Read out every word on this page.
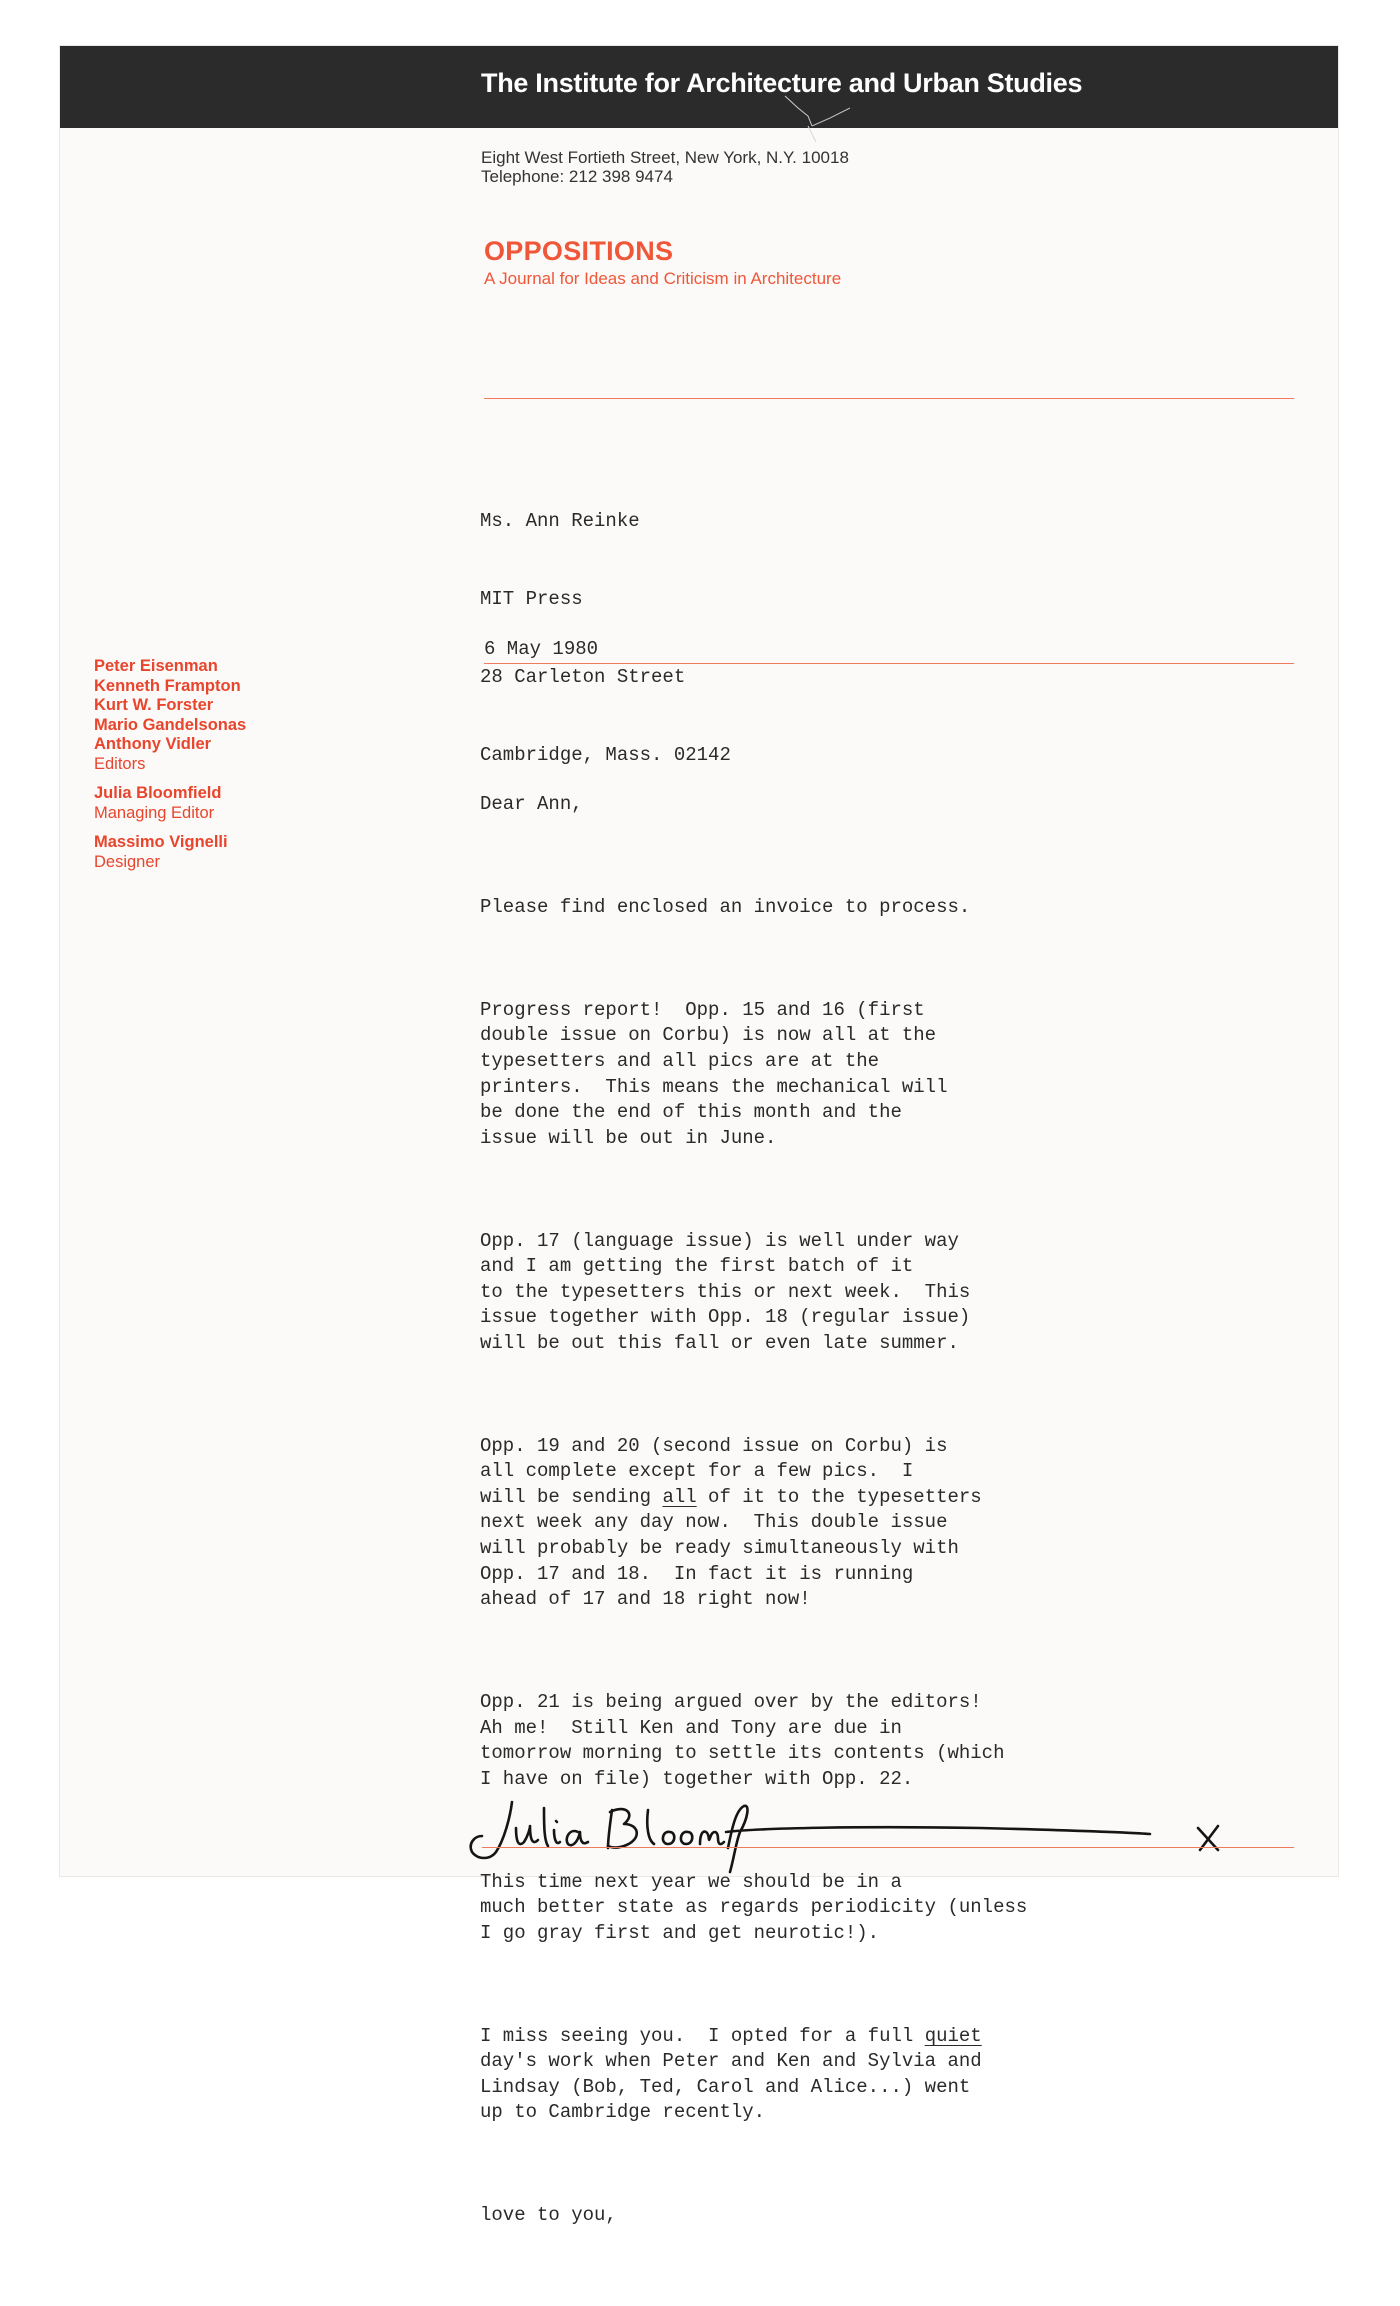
The Institute for Architecture and Urban Studies
Eight West Fortieth Street, New York, N.Y. 10018
Telephone: 212 398 9474
OPPOSITIONS
A Journal for Ideas and Criticism in Architecture

Ms. Ann Reinke

MIT Press

28 Carleton Street

Cambridge, Mass. 02142

6 May 1980
Peter Eisenman
Kenneth Frampton
Kurt W. Forster
Mario Gandelsonas
Anthony Vidler
Editors
Julia Bloomfield
Managing Editor
Massimo Vignelli
Designer

Dear Ann,

Please find enclosed an invoice to process.

Progress report!  Opp. 15 and 16 (first
double issue on Corbu) is now all at the
typesetters and all pics are at the
printers.  This means the mechanical will
be done the end of this month and the
issue will be out in June.

Opp. 17 (language issue) is well under way
and I am getting the first batch of it
to the typesetters this or next week.  This
issue together with Opp. 18 (regular issue)
will be out this fall or even late summer.

Opp. 19 and 20 (second issue on Corbu) is
all complete except for a few pics.  I
will be sending all of it to the typesetters
next week any day now.  This double issue
will probably be ready simultaneously with
Opp. 17 and 18.  In fact it is running
ahead of 17 and 18 right now!

Opp. 21 is being argued over by the editors!
Ah me!  Still Ken and Tony are due in
tomorrow morning to settle its contents (which
I have on file) together with Opp. 22.

This time next year we should be in a
much better state as regards periodicity (unless
I go gray first and get neurotic!).

I miss seeing you.  I opted for a full quiet
day's work when Peter and Ken and Sylvia and
Lindsay (Bob, Ted, Carol and Alice...) went
up to Cambridge recently.

love to you,
